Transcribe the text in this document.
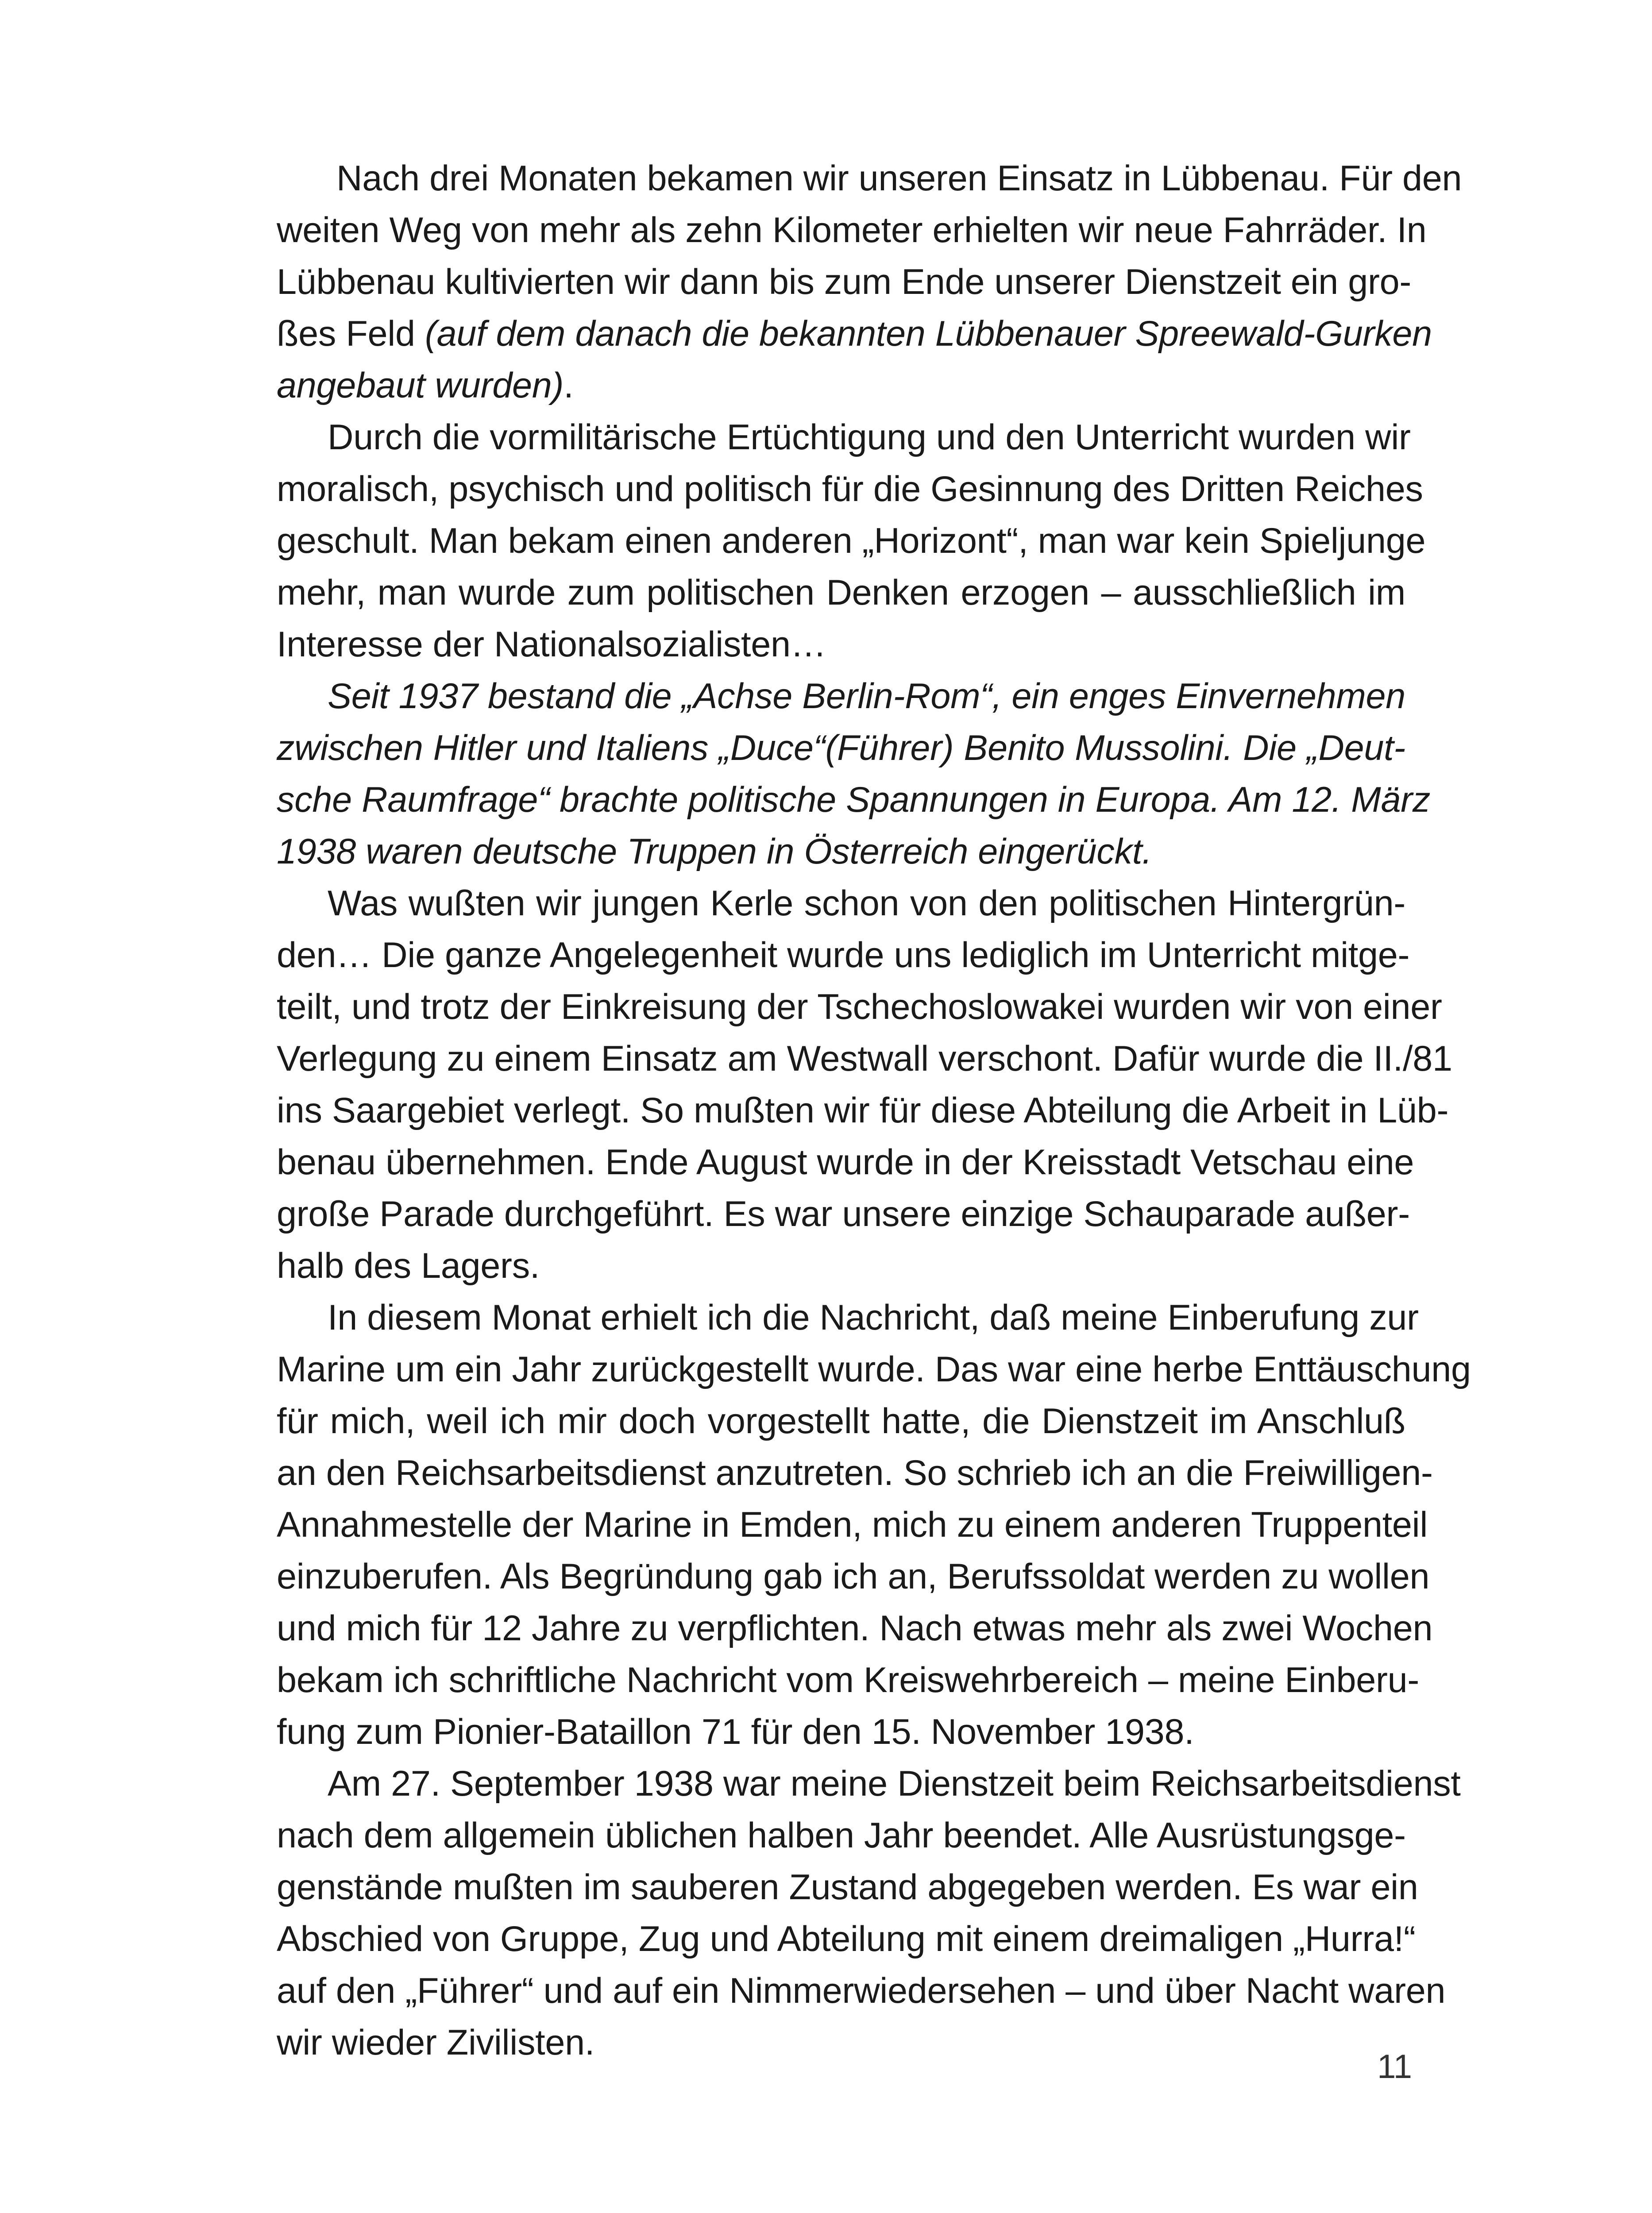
Nach drei Monaten bekamen wir unseren Einsatz in Lübbenau. Für den
weiten Weg von mehr als zehn Kilometer erhielten wir neue Fahrräder. In
Lübbenau kultivierten wir dann bis zum Ende unserer Dienstzeit ein gro-
ßes Feld (auf dem danach die bekannten Lübbenauer Spreewald-Gurken
angebaut wurden).
Durch die vormilitärische Ertüchtigung und den Unterricht wurden wir
moralisch, psychisch und politisch für die Gesinnung des Dritten Reiches
geschult. Man bekam einen anderen „Horizont“, man war kein Spieljunge
mehr, man wurde zum politischen Denken erzogen – ausschließlich im
Interesse der Nationalsozialisten…
Seit 1937 bestand die „Achse Berlin-Rom“, ein enges Einvernehmen
zwischen Hitler und Italiens „Duce“(Führer) Benito Mussolini. Die „Deut-
sche Raumfrage“ brachte politische Spannungen in Europa. Am 12. März
1938 waren deutsche Truppen in Österreich eingerückt.
Was wußten wir jungen Kerle schon von den politischen Hintergrün-
den… Die ganze Angelegenheit wurde uns lediglich im Unterricht mitge-
teilt, und trotz der Einkreisung der Tschechoslowakei wurden wir von einer
Verlegung zu einem Einsatz am Westwall verschont. Dafür wurde die II./81
ins Saargebiet verlegt. So mußten wir für diese Abteilung die Arbeit in Lüb-
benau übernehmen. Ende August wurde in der Kreisstadt Vetschau eine
große Parade durchgeführt. Es war unsere einzige Schauparade außer-
halb des Lagers.
In diesem Monat erhielt ich die Nachricht, daß meine Einberufung zur
Marine um ein Jahr zurückgestellt wurde. Das war eine herbe Enttäuschung
für mich, weil ich mir doch vorgestellt hatte, die Dienstzeit im Anschluß
an den Reichsarbeitsdienst anzutreten. So schrieb ich an die Freiwilligen-
Annahmestelle der Marine in Emden, mich zu einem anderen Truppenteil
einzuberufen. Als Begründung gab ich an, Berufssoldat werden zu wollen
und mich für 12 Jahre zu verpflichten. Nach etwas mehr als zwei Wochen
bekam ich schriftliche Nachricht vom Kreiswehrbereich – meine Einberu-
fung zum Pionier-Bataillon 71 für den 15. November 1938.
Am 27. September 1938 war meine Dienstzeit beim Reichsarbeitsdienst
nach dem allgemein üblichen halben Jahr beendet. Alle Ausrüstungsge-
genstände mußten im sauberen Zustand abgegeben werden. Es war ein
Abschied von Gruppe, Zug und Abteilung mit einem dreimaligen „Hurra!“
auf den „Führer“ und auf ein Nimmerwiedersehen – und über Nacht waren
wir wieder Zivilisten.
11
